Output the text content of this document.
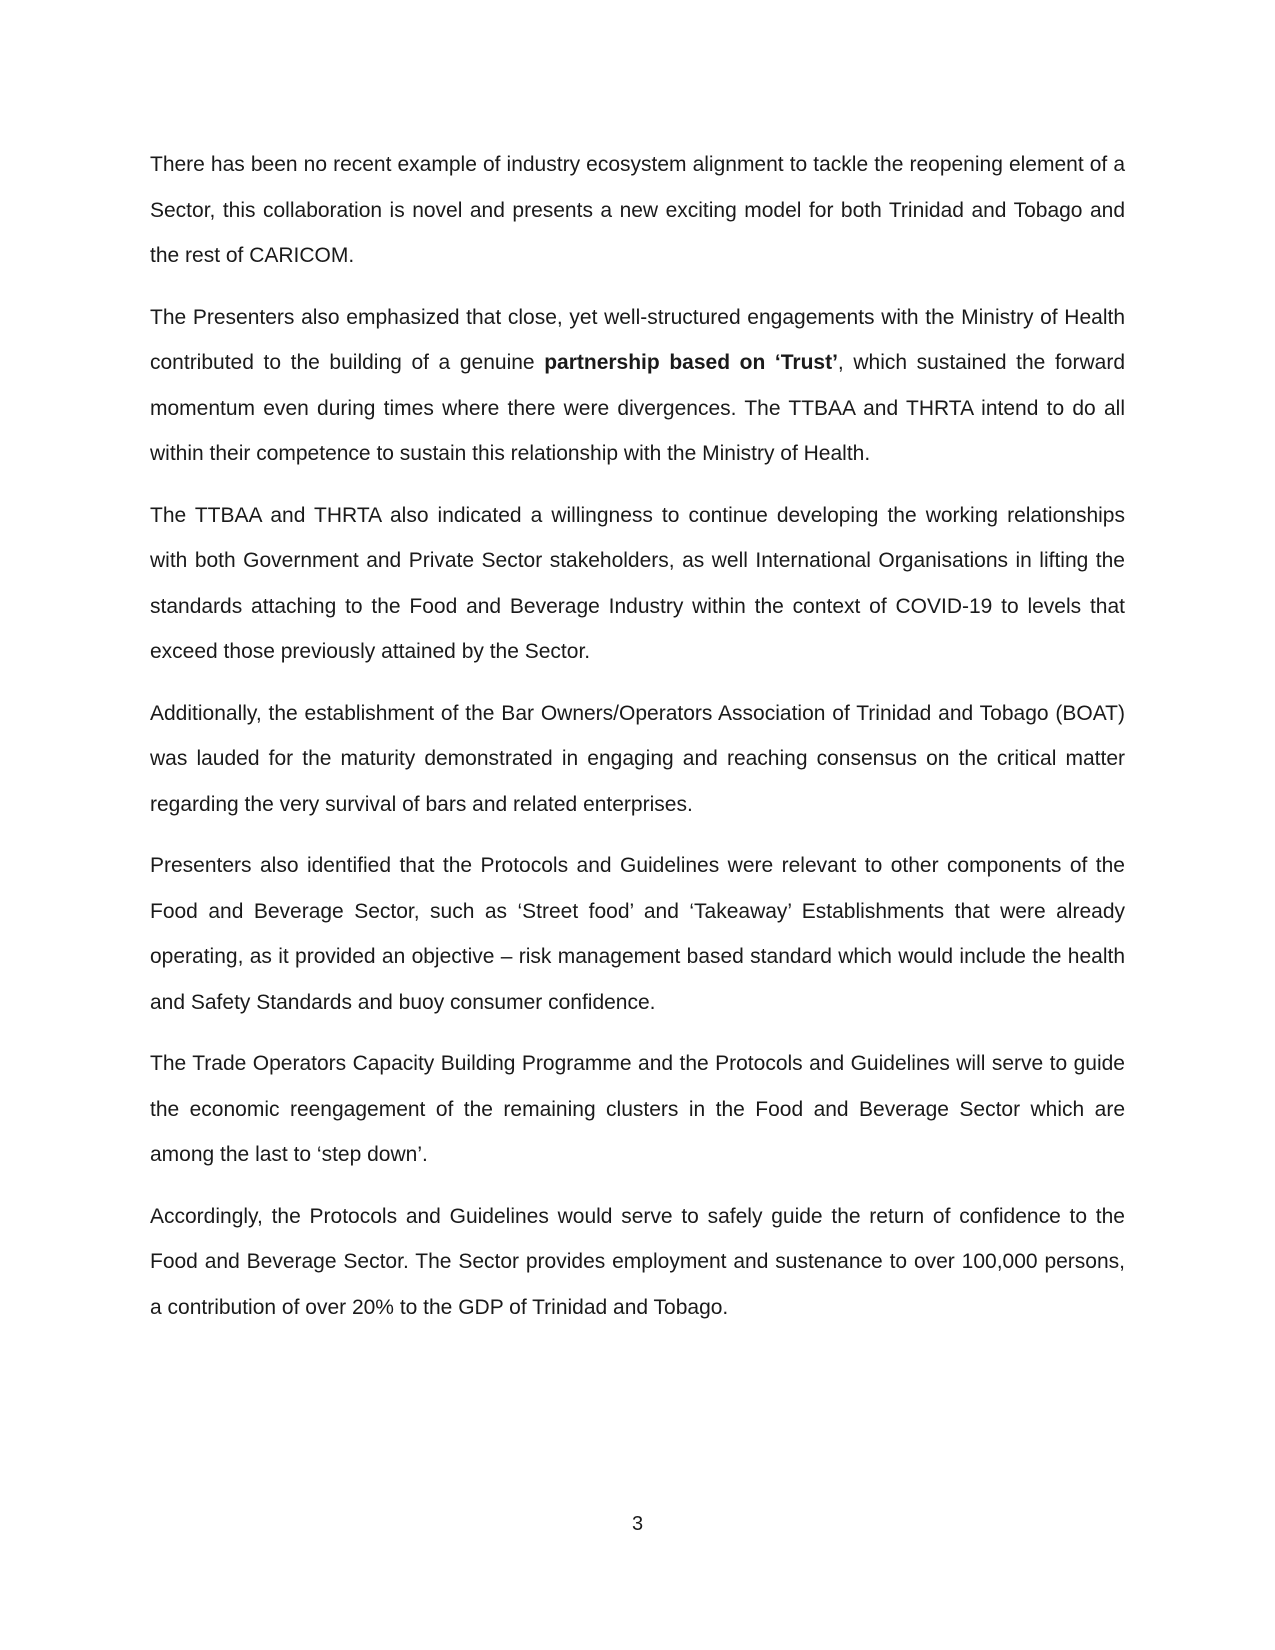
There has been no recent example of industry ecosystem alignment to tackle the reopening element of a Sector, this collaboration is novel and presents a new exciting model for both Trinidad and Tobago and the rest of CARICOM.

The Presenters also emphasized that close, yet well-structured engagements with the Ministry of Health contributed to the building of a genuine partnership based on ‘Trust’, which sustained the forward momentum even during times where there were divergences. The TTBAA and THRTA intend to do all within their competence to sustain this relationship with the Ministry of Health.

The TTBAA and THRTA also indicated a willingness to continue developing the working relationships with both Government and Private Sector stakeholders, as well International Organisations in lifting the standards attaching to the Food and Beverage Industry within the context of COVID-19 to levels that exceed those previously attained by the Sector.

Additionally, the establishment of the Bar Owners/Operators Association of Trinidad and Tobago (BOAT) was lauded for the maturity demonstrated in engaging and reaching consensus on the critical matter regarding the very survival of bars and related enterprises.

Presenters also identified that the Protocols and Guidelines were relevant to other components of the Food and Beverage Sector, such as ‘Street food’ and ‘Takeaway’ Establishments that were already operating, as it provided an objective – risk management based standard which would include the health and Safety Standards and buoy consumer confidence.

The Trade Operators Capacity Building Programme and the Protocols and Guidelines will serve to guide the economic reengagement of the remaining clusters in the Food and Beverage Sector which are among the last to ‘step down’.

Accordingly, the Protocols and Guidelines would serve to safely guide the return of confidence to the Food and Beverage Sector. The Sector provides employment and sustenance to over 100,000 persons, a contribution of over 20% to the GDP of Trinidad and Tobago.

3
